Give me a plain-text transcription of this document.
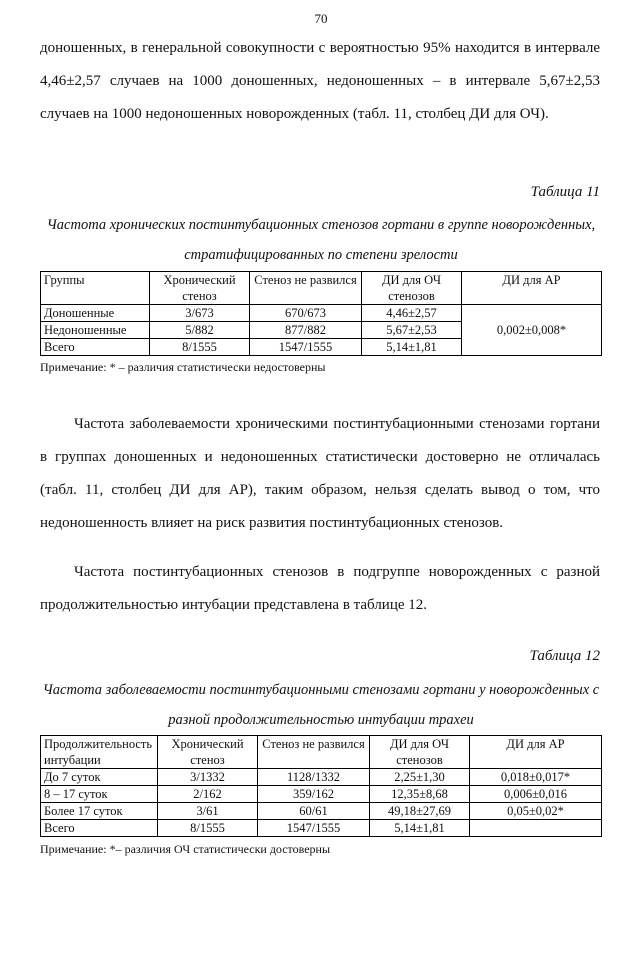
70

доношенных, в генеральной совокупности с вероятностью 95% находится в интервале 4,46±2,57 случаев на 1000 доношенных, недоношенных – в интервале 5,67±2,53 случаев на 1000 недоношенных новорожденных (табл. 11, столбец ДИ для ОЧ).

Таблица 11

Частота хронических постинтубационных стенозов гортани в группе новорожденных, стратифицированных по степени зрелости

Группы	Хронический стеноз	Стеноз не развился	ДИ для ОЧ стенозов	ДИ для АР
Доношенные	3/673	670/673	4,46±2,57	0,002±0,008*
Недоношенные	5/882	877/882	5,67±2,53	
Всего	8/1555	1547/1555	5,14±1,81	
Примечание: * – различия статистически недостоверны

Частота заболеваемости хроническими постинтубационными стенозами гортани в группах доношенных и недоношенных статистически достоверно не отличалась (табл. 11, столбец ДИ для АР), таким образом, нельзя сделать вывод о том, что недоношенность влияет на риск развития постинтубационных стенозов.

Частота постинтубационных стенозов в подгруппе новорожденных с разной продолжительностью интубации представлена в таблице 12.

Таблица 12

Частота заболеваемости постинтубационными стенозами гортани у новорожденных с разной продолжительностью интубации трахеи

Продолжительность интубации	Хронический стеноз	Стеноз не развился	ДИ для ОЧ стенозов	ДИ для АР
До 7 суток	3/1332	1128/1332	2,25±1,30	0,018±0,017*
8 – 17 суток	2/162	359/162	12,35±8,68	0,006±0,016
Более 17 суток	3/61	60/61	49,18±27,69	0,05±0,02*
Всего	8/1555	1547/1555	5,14±1,81	
Примечание: *– различия ОЧ статистически достоверны
